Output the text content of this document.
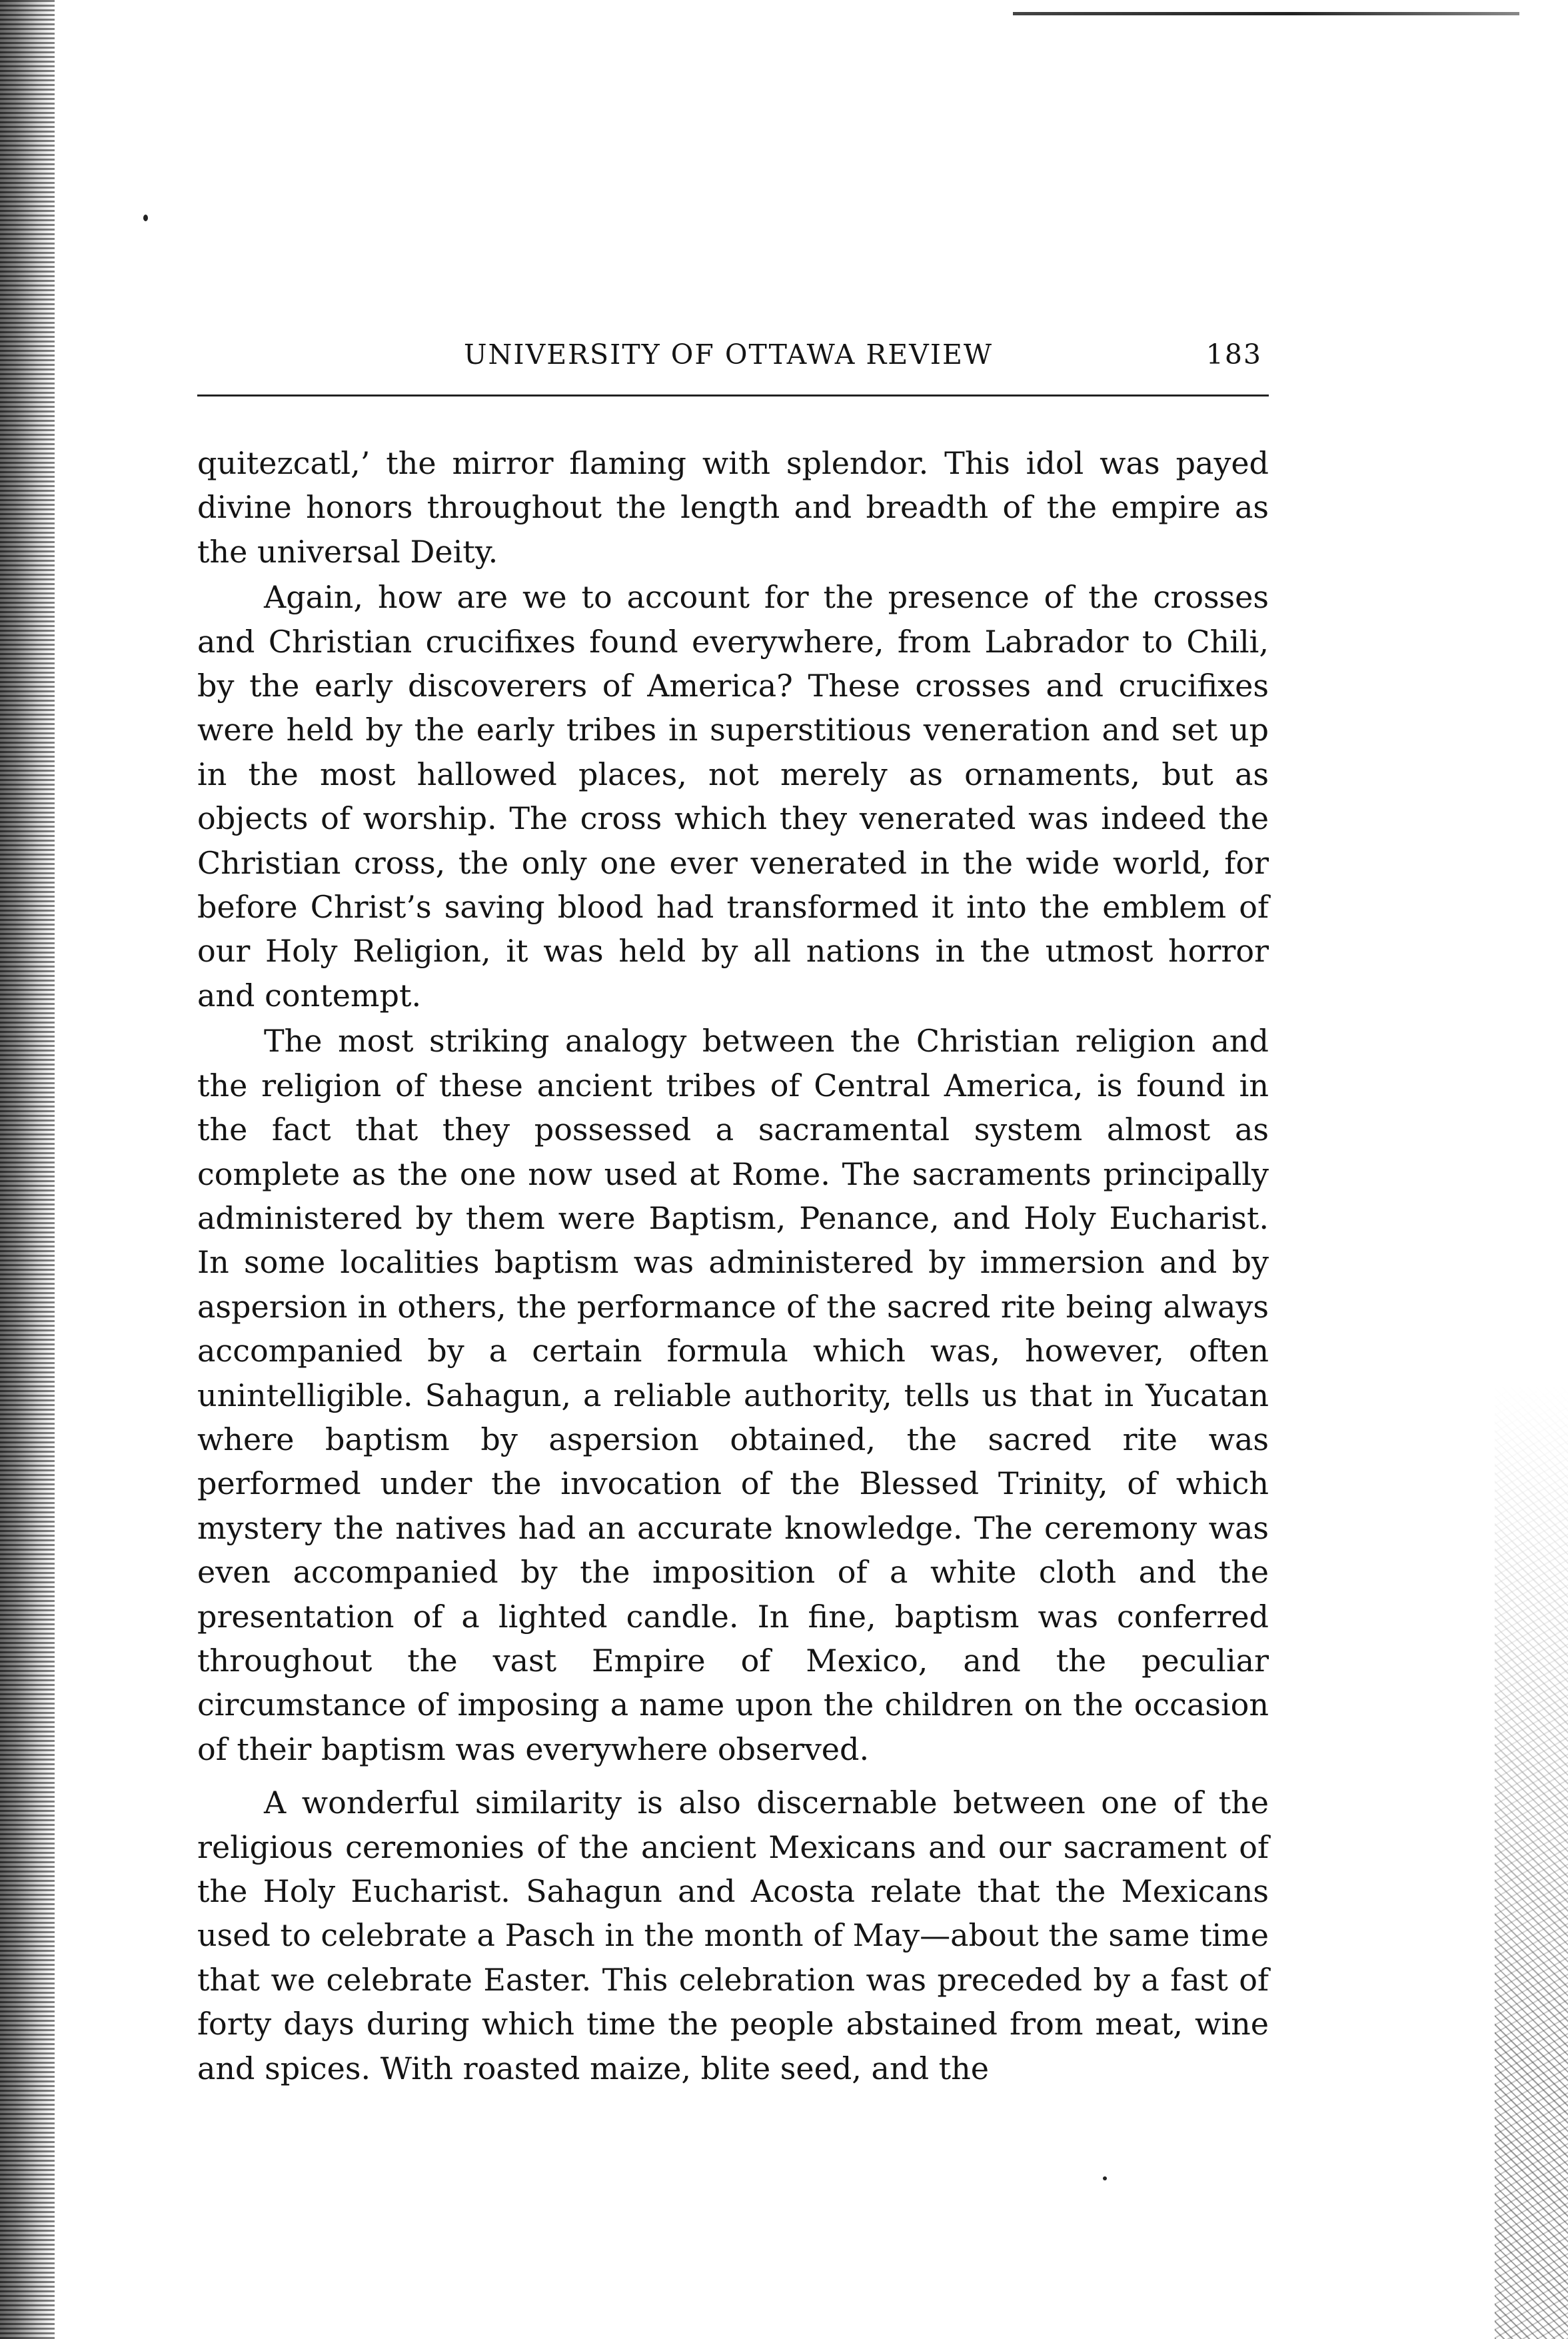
UNIVERSITY OF OTTAWA REVIEW	183

quitezcatl,’ the mirror flaming with splendor. This idol was payed divine honors throughout the length and breadth of the empire as the universal Deity.

Again, how are we to account for the presence of the crosses and Christian crucifixes found everywhere, from Labrador to Chili, by the early discoverers of America? These crosses and crucifixes were held by the early tribes in superstitious veneration and set up in the most hallowed places, not merely as ornaments, but as objects of worship. The cross which they venerated was indeed the Christian cross, the only one ever venerated in the wide world, for before Christ’s saving blood had transformed it into the emblem of our Holy Religion, it was held by all nations in the utmost horror and contempt.

The most striking analogy between the Christian religion and the religion of these ancient tribes of Central America, is found in the fact that they possessed a sacramental system almost as complete as the one now used at Rome. The sacraments principally administered by them were Baptism, Penance, and Holy Eucharist. In some localities baptism was administered by immersion and by aspersion in others, the performance of the sacred rite being always accompanied by a certain formula which was, however, often unintelligible. Sahagun, a reliable authority, tells us that in Yucatan where baptism by aspersion obtained, the sacred rite was performed under the invocation of the Blessed Trinity, of which mystery the natives had an accurate knowledge. The ceremony was even accompanied by the imposition of a white cloth and the presentation of a lighted candle. In fine, baptism was conferred throughout the vast Empire of Mexico, and the peculiar circumstance of imposing a name upon the children on the occasion of their baptism was everywhere observed.

A wonderful similarity is also discernable between one of the religious ceremonies of the ancient Mexicans and our sacrament of the Holy Eucharist. Sahagun and Acosta relate that the Mexicans used to celebrate a Pasch in the month of May—about the same time that we celebrate Easter. This celebration was preceded by a fast of forty days during which time the people abstained from meat, wine and spices. With roasted maize, blite seed, and the
